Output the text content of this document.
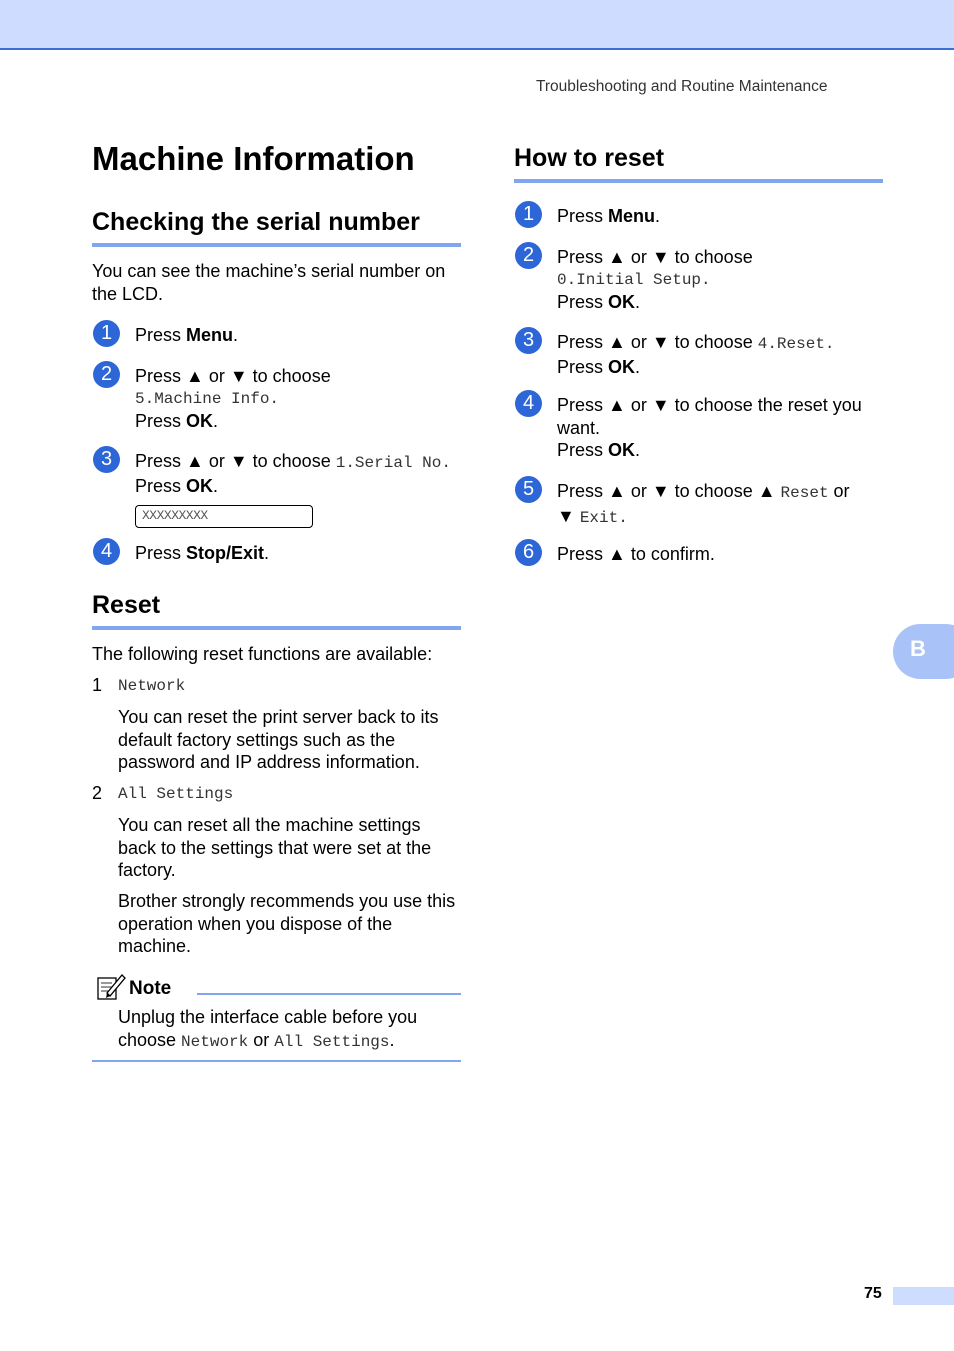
Troubleshooting and Routine Maintenance
Machine Information
Checking the serial number

You can see the machine’s serial number on the LCD.

1	Press Menu.
2	Press ▲ or ▼ to choose
5.Machine Info.
Press OK.
3	Press ▲ or ▼ to choose 1.Serial No.
Press OK.
XXXXXXXXX
4	Press Stop/Exit.
Reset

The following reset functions are available:

1 Network
You can reset the print server back to its
default factory settings such as the
password and IP address information.
2 All Settings
You can reset all the machine settings
back to the settings that were set at the
factory.
Brother strongly recommends you use this
operation when you dispose of the
machine.
Note
Unplug the interface cable before you
choose Network or All Settings.
How to reset
1	Press Menu.
2	Press ▲ or ▼ to choose
0.Initial Setup.
Press OK.
3	Press ▲ or ▼ to choose 4.Reset.
Press OK.
4	Press ▲ or ▼ to choose the reset you
want.
Press OK.
5	Press ▲ or ▼ to choose ▲ Reset or
▼ Exit.
6	Press ▲ to confirm.
B
75
